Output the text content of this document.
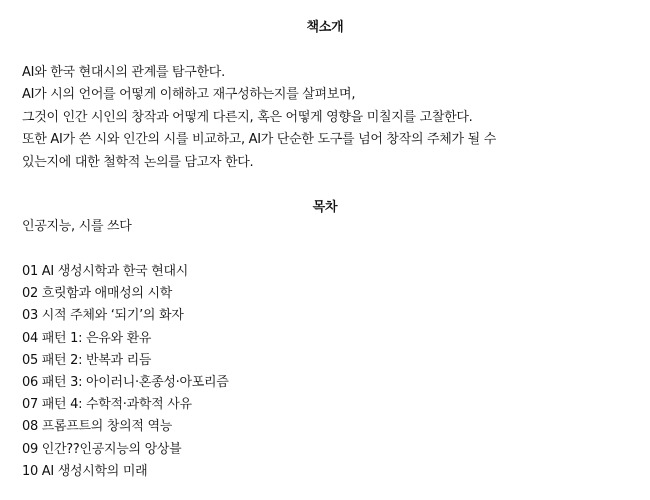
책소개

AI와 한국 현대시의 관계를 탐구한다.

AI가 시의 언어를 어떻게 이해하고 재구성하는지를 살펴보며,

그것이 인간 시인의 창작과 어떻게 다른지, 혹은 어떻게 영향을 미칠지를 고찰한다.

또한 AI가 쓴 시와 인간의 시를 비교하고, AI가 단순한 도구를 넘어 창작의 주체가 될 수

있는지에 대한 철학적 논의를 담고자 한다.

목차
인공지능, 시를 쓰다
01 AI 생성시학과 한국 현대시
02 흐릿함과 애매성의 시학
03 시적 주체와 ‘되기’의 화자
04 패턴 1: 은유와 환유
05 패턴 2: 반복과 리듬
06 패턴 3: 아이러니·혼종성·아포리즘
07 패턴 4: 수학적·과학적 사유
08 프롬프트의 창의적 역능
09 인간??인공지능의 앙상블
10 AI 생성시학의 미래
